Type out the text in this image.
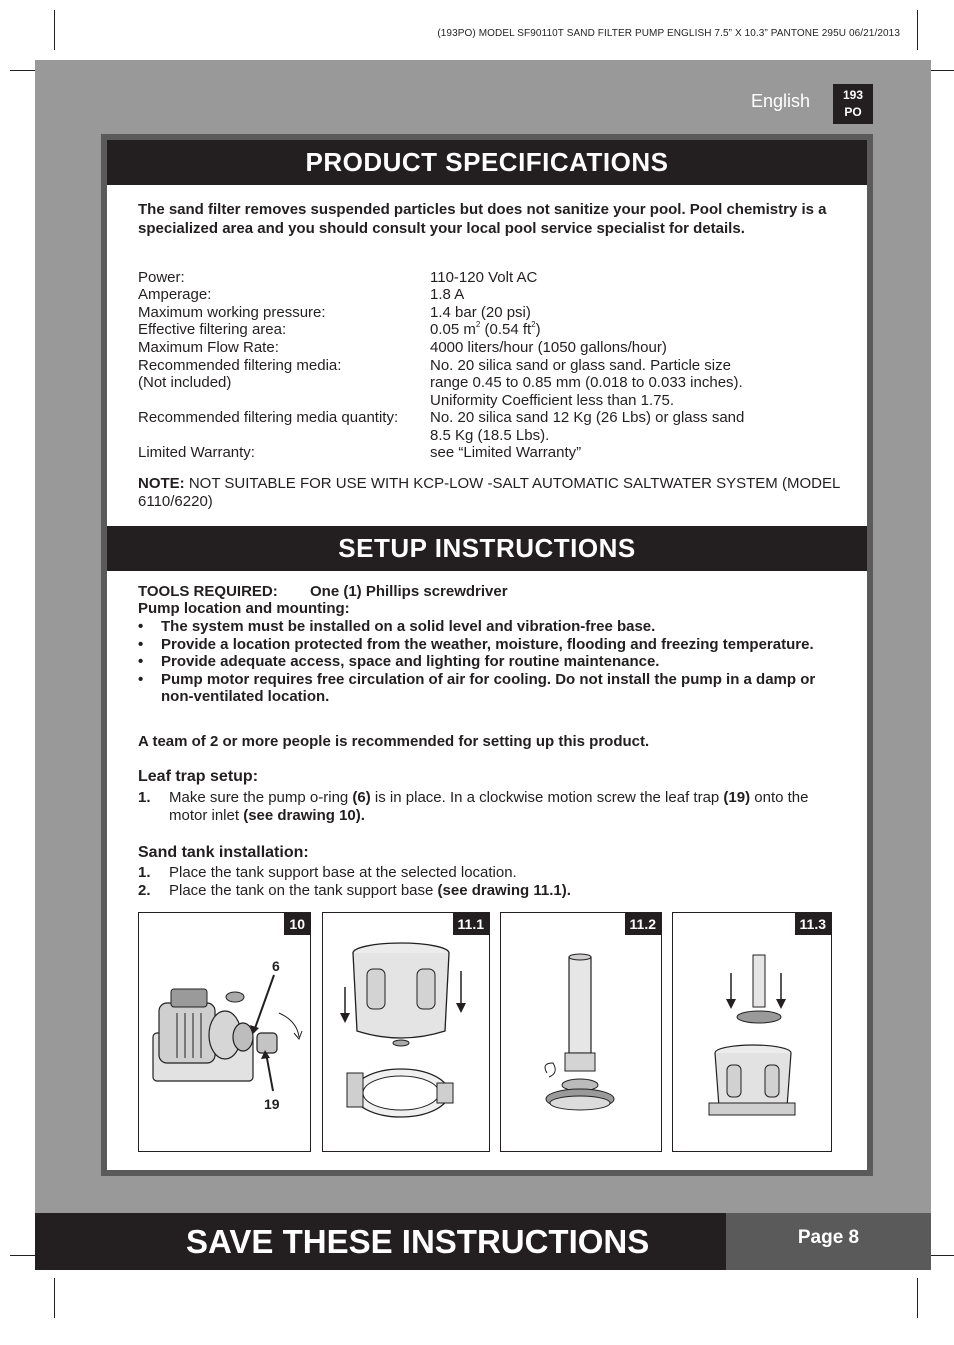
(193PO) MODEL SF90110T SAND FILTER PUMP ENGLISH 7.5” X 10.3” PANTONE 295U 06/21/2013
English	193
PO
PRODUCT SPECIFICATIONS
The sand filter removes suspended particles but does not sanitize your pool. Pool chemistry is a specialized area and you should consult your local pool service specialist for details.
Power:	110-120 Volt AC
Amperage:	1.8 A
Maximum working pressure:	1.4 bar (20 psi)
Effective filtering area:	0.05 $m^2$ (0.54 $ft^2$)
Maximum Flow Rate:	4000 liters/hour (1050 gallons/hour)
Recommended filtering media:	No. 20 silica sand or glass sand. Particle size
(Not included)	range 0.45 to 0.85 mm (0.018 to 0.033 inches).
Uniformity Coefficient less than 1.75.
Recommended filtering media quantity:	No. 20 silica sand 12 Kg (26 Lbs) or glass sand
8.5 Kg (18.5 Lbs).
Limited Warranty:	see “Limited Warranty”
NOTE: NOT SUITABLE FOR USE WITH KCP-LOW -SALT AUTOMATIC SALTWATER SYSTEM (MODEL 6110/6220)
SETUP INSTRUCTIONS
TOOLS REQUIRED: One (1) Phillips screwdriver
Pump location and mounting:
• The system must be installed on a solid level and vibration-free base.
• Provide a location protected from the weather, moisture, flooding and freezing temperature.
• Provide adequate access, space and lighting for routine maintenance.
• Pump motor requires free circulation of air for cooling. Do not install the pump in a damp or non-ventilated location.
A team of 2 or more people is recommended for setting up this product.
Leaf trap setup:
1. Make sure the pump o-ring (6) is in place. In a clockwise motion screw the leaf trap (19) onto the motor inlet (see drawing 10).
Sand tank installation:
1. Place the tank support base at the selected location.
2. Place the tank on the tank support base (see drawing 11.1).
10
6
19
11.1	11.2	11.3
SAVE THESE INSTRUCTIONS	Page 8
